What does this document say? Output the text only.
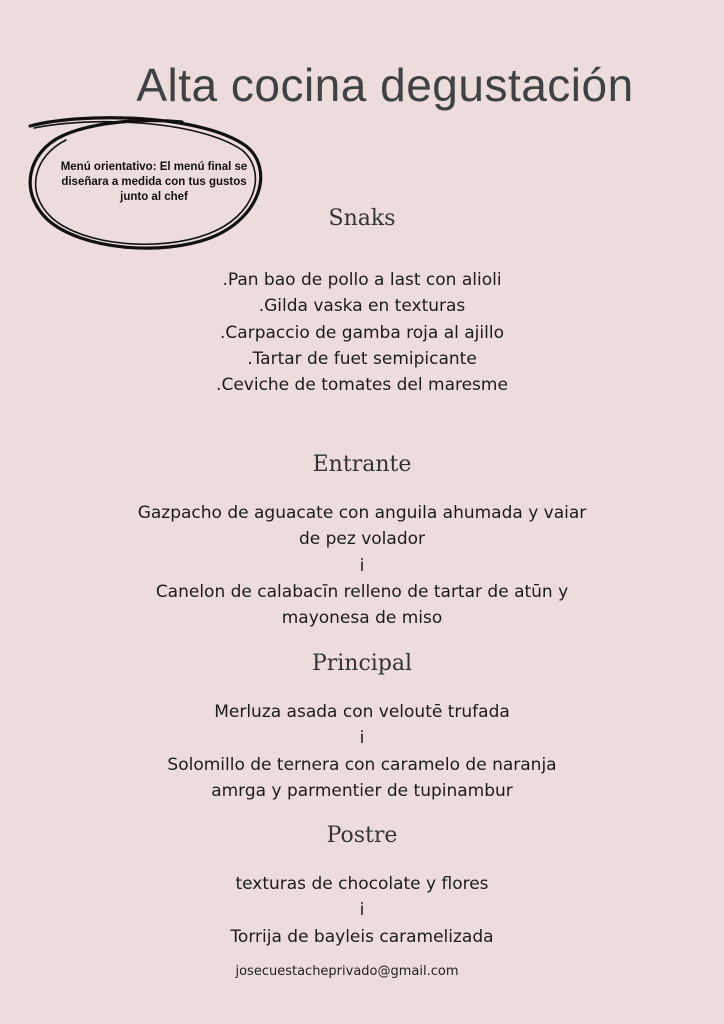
Alta cocina degustación
Menú orientativo: El menú final se
diseñara a medida con tus gustos
junto al chef
Snaks
.Pan bao de pollo a last con alioli
.Gilda vaska en texturas
.Carpaccio de gamba roja al ajillo
.Tartar de fuet semipicante
.Ceviche de tomates del maresme
Entrante
Gazpacho de aguacate con anguila ahumada y vaiar
de pez volador
i
Canelon de calabacīn relleno de tartar de atūn y
mayonesa de miso
Principal
Merluza asada con veloutē trufada
i
Solomillo de ternera con caramelo de naranja
amrga y parmentier de tupinambur
Postre
texturas de chocolate y flores
i
Torrija de bayleis caramelizada
josecuestacheprivado@gmail.com
